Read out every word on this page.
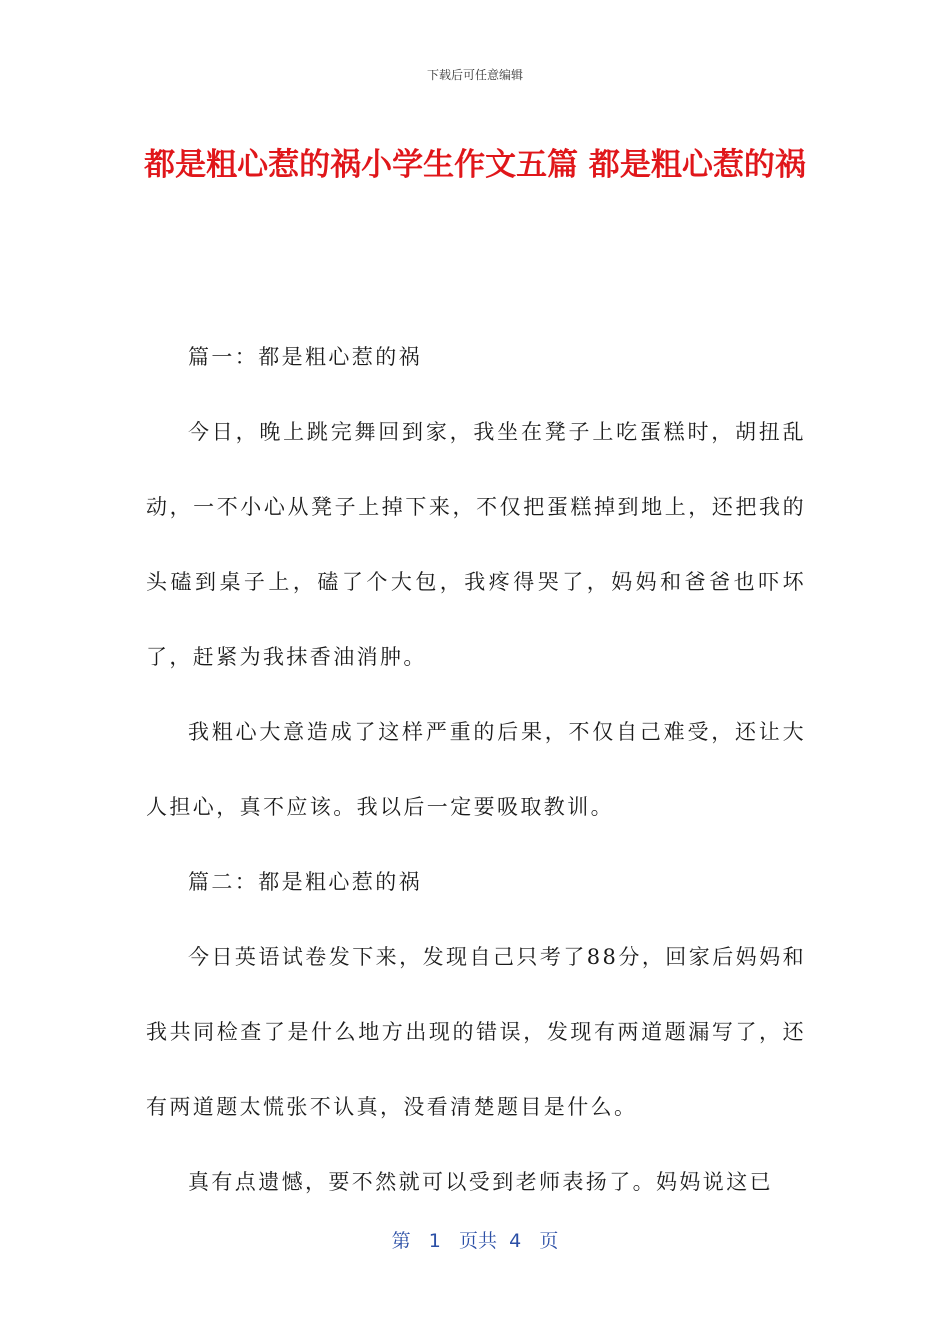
下载后可任意编辑
都是粗心惹的祸小学生作文五篇 都是粗心惹的祸

篇一：都是粗心惹的祸

今日，晚上跳完舞回到家，我坐在凳子上吃蛋糕时，胡扭乱动，一不小心从凳子上掉下来，不仅把蛋糕掉到地上，还把我的头磕到桌子上，磕了个大包，我疼得哭了，妈妈和爸爸也吓坏了，赶紧为我抹香油消肿。

我粗心大意造成了这样严重的后果，不仅自己难受，还让大人担心，真不应该。我以后一定要吸取教训。

篇二：都是粗心惹的祸

今日英语试卷发下来，发现自己只考了88分，回家后妈妈和我共同检查了是什么地方出现的错误，发现有两道题漏写了，还有两道题太慌张不认真，没看清楚题目是什么。

真有点遗憾，要不然就可以受到老师表扬了。妈妈说这已

第 1 页共 4 页
